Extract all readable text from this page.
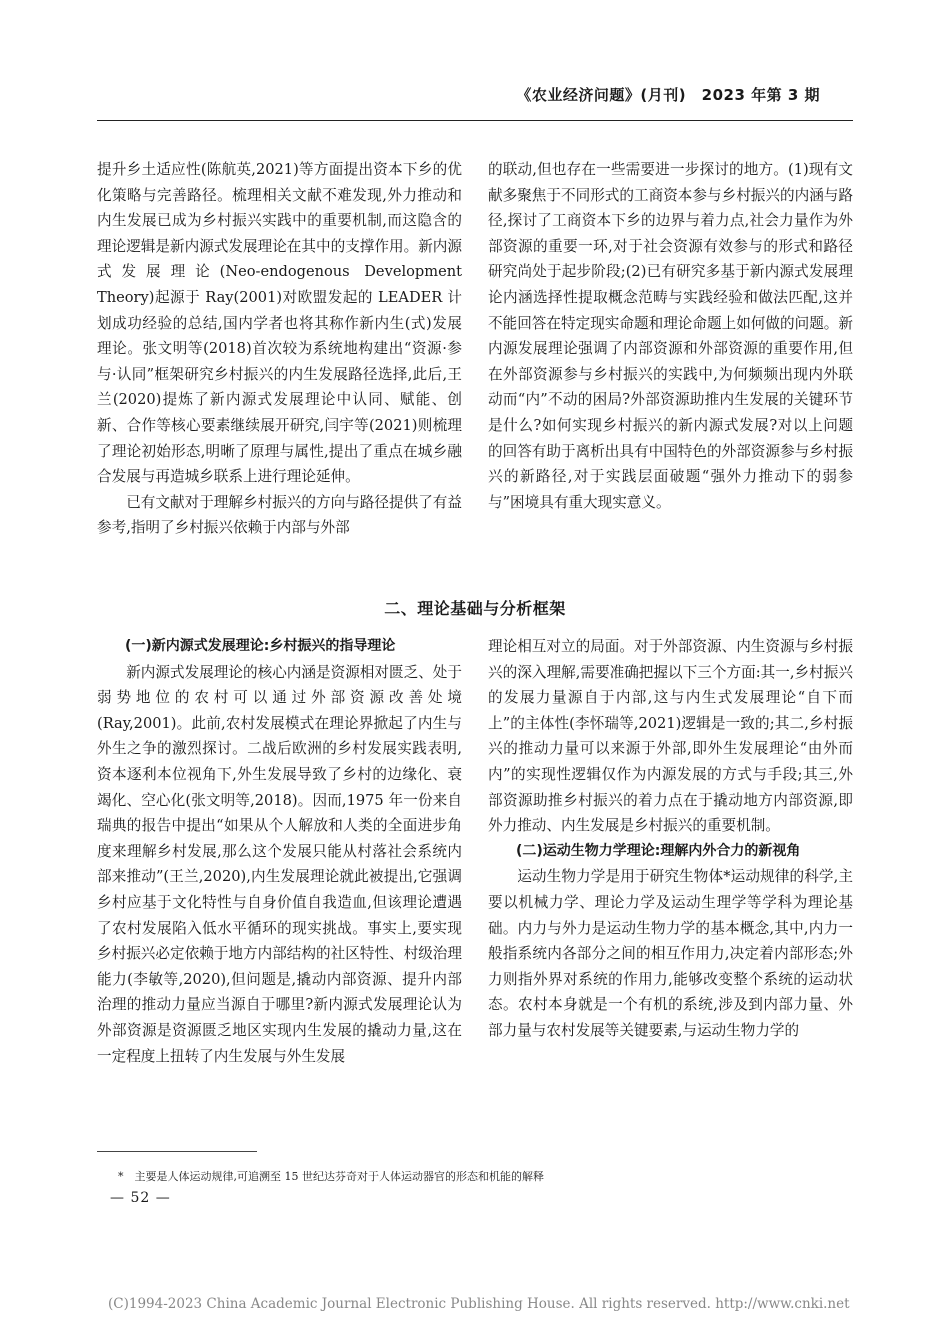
《农业经济问题》(月刊)　2023 年第 3 期

提升乡土适应性(陈航英,2021)等方面提出资本下乡的优化策略与完善路径。梳理相关文献不难发现,外力推动和内生发展已成为乡村振兴实践中的重要机制,而这隐含的理论逻辑是新内源式发展理论在其中的支撑作用。新内源式发展理论(Neo-endogenous Development Theory)起源于 Ray(2001)对欧盟发起的 LEADER 计划成功经验的总结,国内学者也将其称作新内生(式)发展理论。张文明等(2018)首次较为系统地构建出“资源·参与·认同”框架研究乡村振兴的内生发展路径选择,此后,王兰(2020)提炼了新内源式发展理论中认同、赋能、创新、合作等核心要素继续展开研究,闫宇等(2021)则梳理了理论初始形态,明晰了原理与属性,提出了重点在城乡融合发展与再造城乡联系上进行理论延伸。

已有文献对于理解乡村振兴的方向与路径提供了有益参考,指明了乡村振兴依赖于内部与外部

的联动,但也存在一些需要进一步探讨的地方。(1)现有文献多聚焦于不同形式的工商资本参与乡村振兴的内涵与路径,探讨了工商资本下乡的边界与着力点,社会力量作为外部资源的重要一环,对于社会资源有效参与的形式和路径研究尚处于起步阶段;(2)已有研究多基于新内源式发展理论内涵选择性提取概念范畴与实践经验和做法匹配,这并不能回答在特定现实命题和理论命题上如何做的问题。新内源发展理论强调了内部资源和外部资源的重要作用,但在外部资源参与乡村振兴的实践中,为何频频出现内外联动而“内”不动的困局?外部资源助推内生发展的关键环节是什么?如何实现乡村振兴的新内源式发展?对以上问题的回答有助于离析出具有中国特色的外部资源参与乡村振兴的新路径,对于实践层面破题“强外力推动下的弱参与”困境具有重大现实意义。

二、理论基础与分析框架

(一)新内源式发展理论:乡村振兴的指导理论

新内源式发展理论的核心内涵是资源相对匮乏、处于弱势地位的农村可以通过外部资源改善处境(Ray,2001)。此前,农村发展模式在理论界掀起了内生与外生之争的激烈探讨。二战后欧洲的乡村发展实践表明,资本逐利本位视角下,外生发展导致了乡村的边缘化、衰竭化、空心化(张文明等,2018)。因而,1975 年一份来自瑞典的报告中提出“如果从个人解放和人类的全面进步角度来理解乡村发展,那么这个发展只能从村落社会系统内部来推动”(王兰,2020),内生发展理论就此被提出,它强调乡村应基于文化特性与自身价值自我造血,但该理论遭遇了农村发展陷入低水平循环的现实挑战。事实上,要实现乡村振兴必定依赖于地方内部结构的社区特性、村级治理能力(李敏等,2020),但问题是,撬动内部资源、提升内部治理的推动力量应当源自于哪里?新内源式发展理论认为外部资源是资源匮乏地区实现内生发展的撬动力量,这在一定程度上扭转了内生发展与外生发展

理论相互对立的局面。对于外部资源、内生资源与乡村振兴的深入理解,需要准确把握以下三个方面:其一,乡村振兴的发展力量源自于内部,这与内生式发展理论“自下而上”的主体性(李怀瑞等,2021)逻辑是一致的;其二,乡村振兴的推动力量可以来源于外部,即外生发展理论“由外而内”的实现性逻辑仅作为内源发展的方式与手段;其三,外部资源助推乡村振兴的着力点在于撬动地方内部资源,即外力推动、内生发展是乡村振兴的重要机制。

(二)运动生物力学理论:理解内外合力的新视角

运动生物力学是用于研究生物体*运动规律的科学,主要以机械力学、理论力学及运动生理学等学科为理论基础。内力与外力是运动生物力学的基本概念,其中,内力一般指系统内各部分之间的相互作用力,决定着内部形态;外力则指外界对系统的作用力,能够改变整个系统的运动状态。农村本身就是一个有机的系统,涉及到内部力量、外部力量与农村发展等关键要素,与运动生物力学的

*　主要是人体运动规律,可追溯至 15 世纪达芬奇对于人体运动器官的形态和机能的解释
— 52 —
(C)1994-2023 China Academic Journal Electronic Publishing House. All rights reserved. http://www.cnki.net
